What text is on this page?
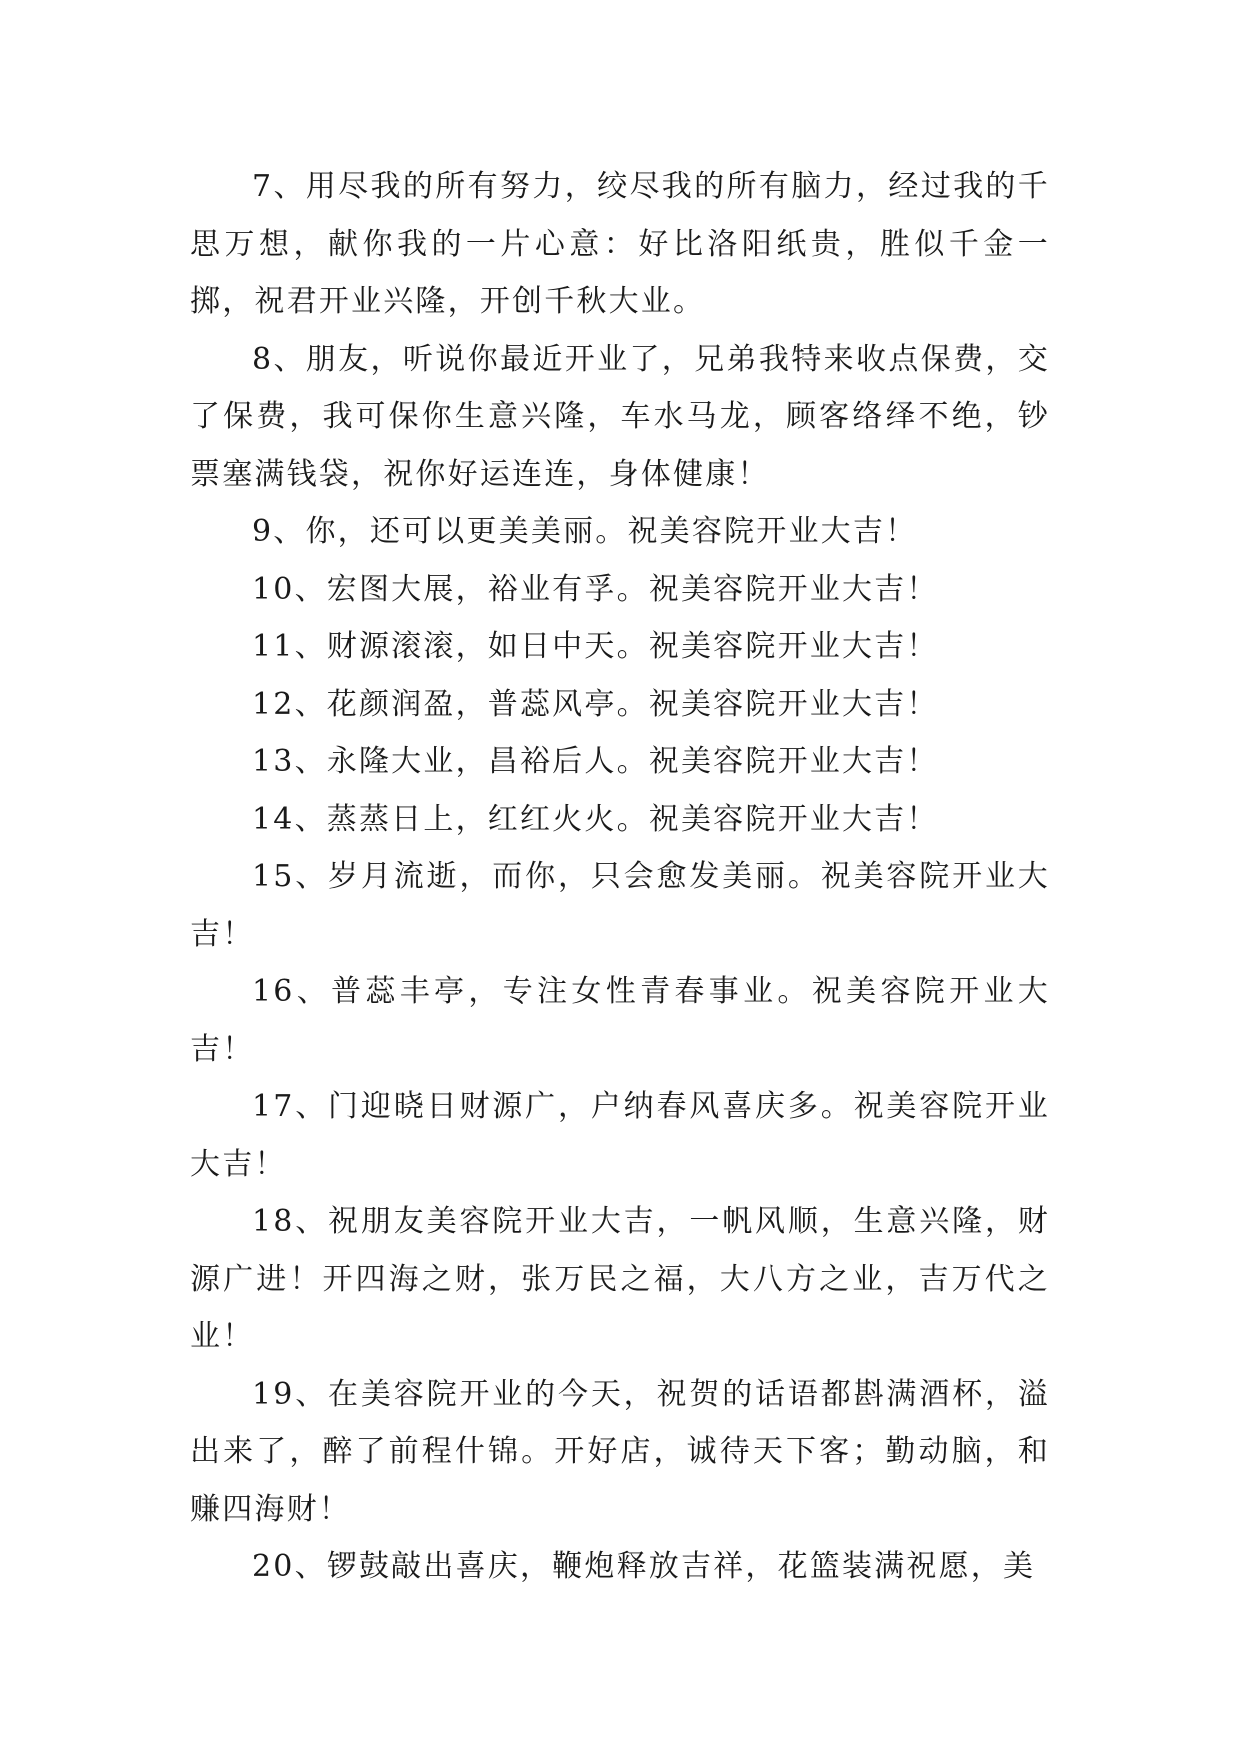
7、用尽我的所有努力，绞尽我的所有脑力，经过我的千思万想，献你我的一片心意：好比洛阳纸贵，胜似千金一掷，祝君开业兴隆，开创千秋大业。

8、朋友，听说你最近开业了，兄弟我特来收点保费，交了保费，我可保你生意兴隆，车水马龙，顾客络绎不绝，钞票塞满钱袋，祝你好运连连，身体健康！

9、你，还可以更美美丽。祝美容院开业大吉！

10、宏图大展，裕业有孚。祝美容院开业大吉！

11、财源滚滚，如日中天。祝美容院开业大吉！

12、花颜润盈，普蕊风亭。祝美容院开业大吉！

13、永隆大业，昌裕后人。祝美容院开业大吉！

14、蒸蒸日上，红红火火。祝美容院开业大吉！

15、岁月流逝，而你，只会愈发美丽。祝美容院开业大吉！

16、普蕊丰亭，专注女性青春事业。祝美容院开业大吉！

17、门迎晓日财源广，户纳春风喜庆多。祝美容院开业大吉！

18、祝朋友美容院开业大吉，一帆风顺，生意兴隆，财源广进！开四海之财，张万民之福，大八方之业，吉万代之业！

19、在美容院开业的今天，祝贺的话语都斟满酒杯，溢出来了，醉了前程什锦。开好店，诚待天下客；勤动脑，和赚四海财！

20、锣鼓敲出喜庆，鞭炮释放吉祥，花篮装满祝愿，美
